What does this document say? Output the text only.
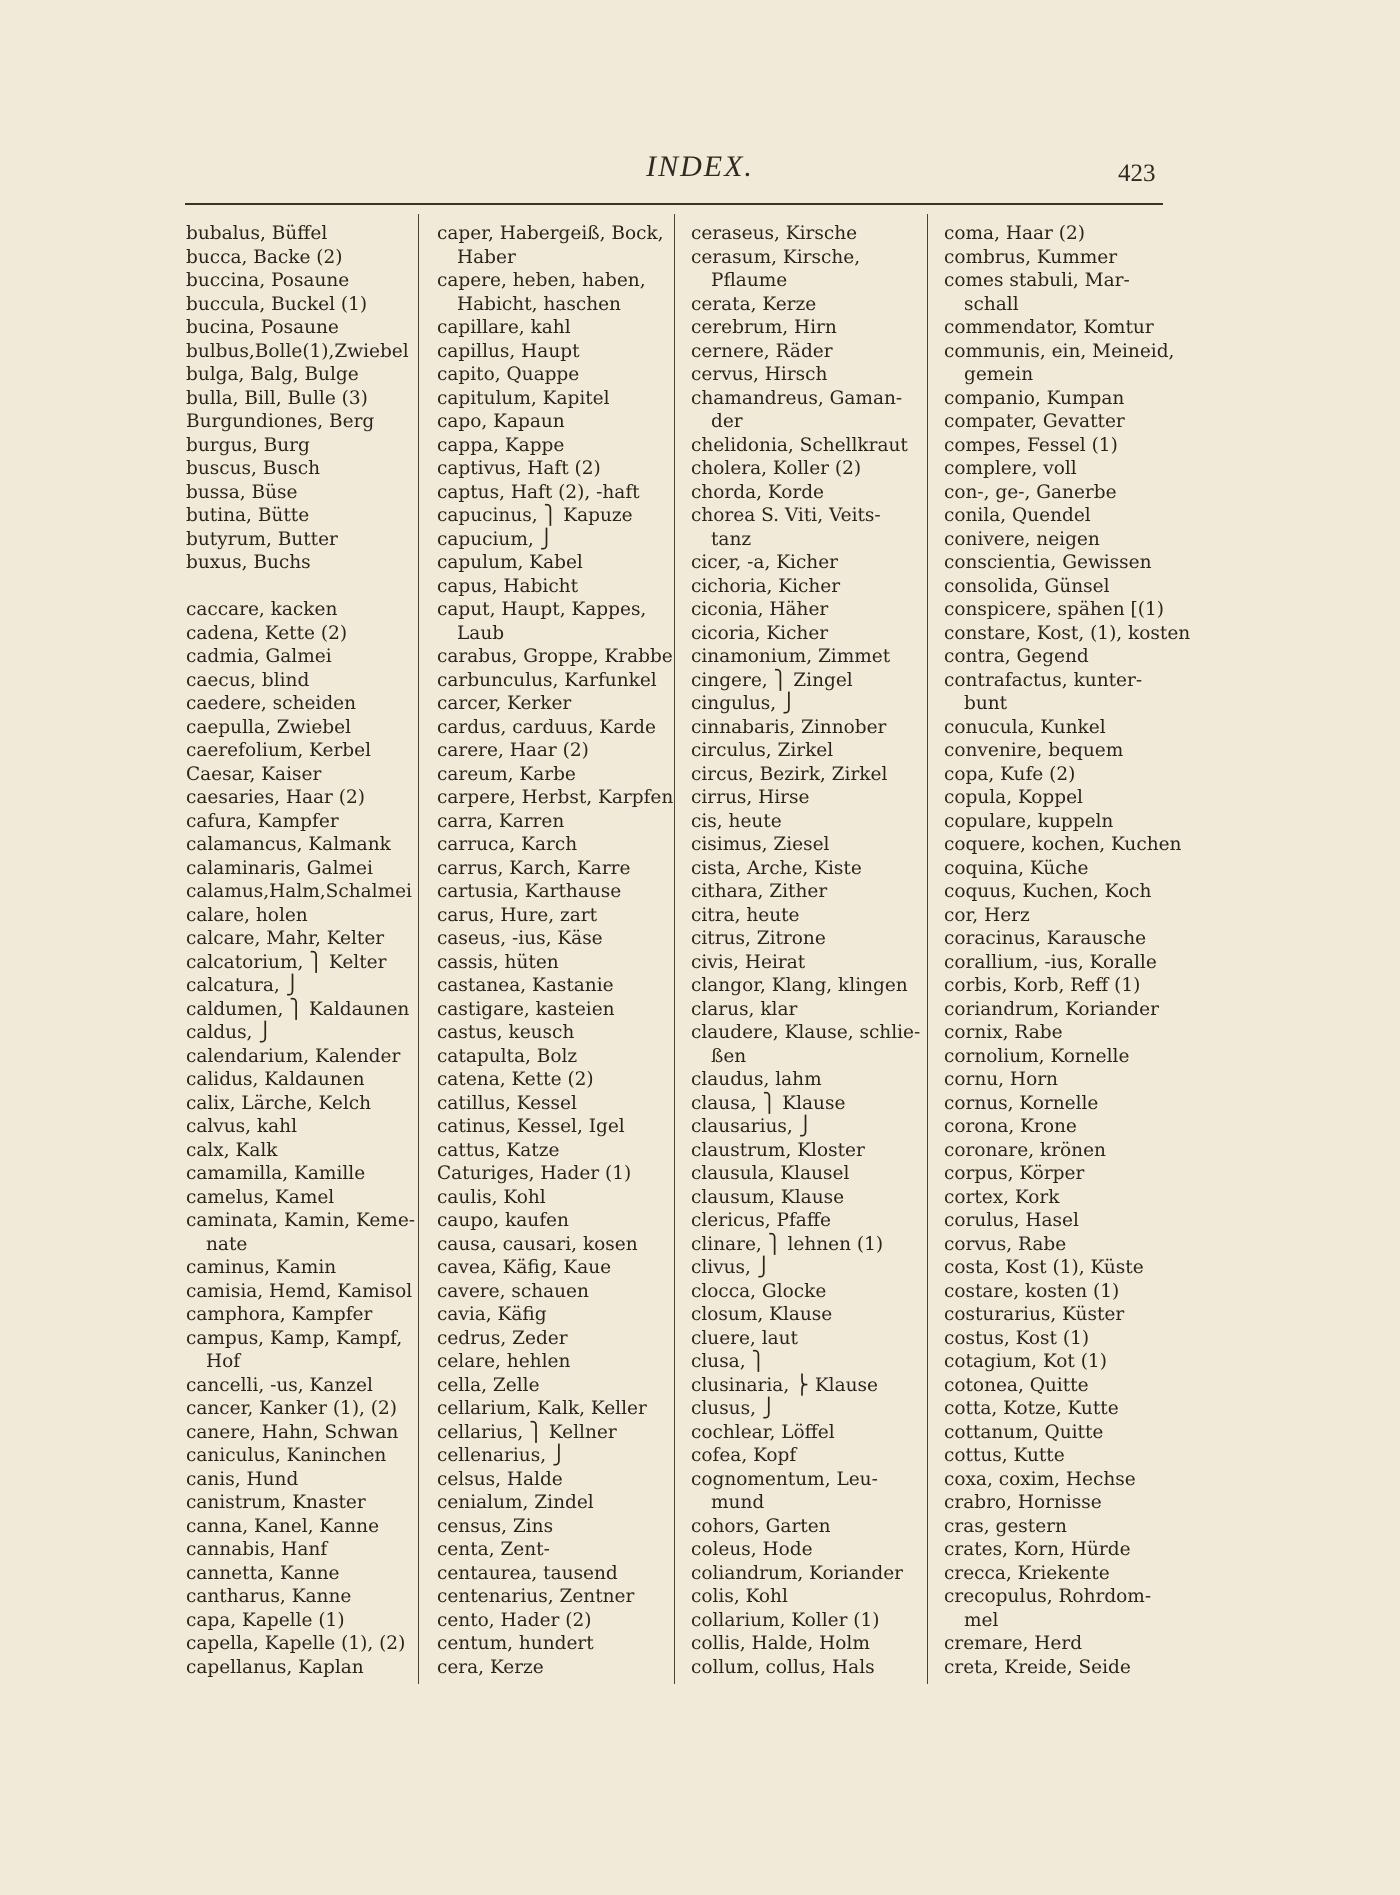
INDEX.	423
bubalus, Büffel
bucca, Backe (2)
buccina, Posaune
buccula, Buckel (1)
bucina, Posaune
bulbus,Bolle(1),Zwiebel
bulga, Balg, Bulge
bulla, Bill, Bulle (3)
Burgundiones, Berg
burgus, Burg
buscus, Busch
bussa, Büse
butina, Bütte
butyrum, Butter
buxus, Buchs
caccare, kacken
cadena, Kette (2)
cadmia, Galmei
caecus, blind
caedere, scheiden
caepulla, Zwiebel
caerefolium, Kerbel
Caesar, Kaiser
caesaries, Haar (2)
cafura, Kampfer
calamancus, Kalmank
calaminaris, Galmei
calamus,Halm,Schalmei
calare, holen
calcare, Mahr, Kelter
calcatorium, ⎫ Kelter
calcatura, ⎭
caldumen, ⎫ Kaldaunen
caldus, ⎭
calendarium, Kalender
calidus, Kaldaunen
calix, Lärche, Kelch
calvus, kahl
calx, Kalk
camamilla, Kamille
camelus, Kamel
caminata, Kamin, Keme-
nate
caminus, Kamin
camisia, Hemd, Kamisol
camphora, Kampfer
campus, Kamp, Kampf,
Hof
cancelli, -us, Kanzel
cancer, Kanker (1), (2)
canere, Hahn, Schwan
caniculus, Kaninchen
canis, Hund
canistrum, Knaster
canna, Kanel, Kanne
cannabis, Hanf
cannetta, Kanne
cantharus, Kanne
capa, Kapelle (1)
capella, Kapelle (1), (2)
capellanus, Kaplan
caper, Habergeiß, Bock,
Haber
capere, heben, haben,
Habicht, haschen
capillare, kahl
capillus, Haupt
capito, Quappe
capitulum, Kapitel
capo, Kapaun
cappa, Kappe
captivus, Haft (2)
captus, Haft (2), -haft
capucinus, ⎫ Kapuze
capucium, ⎭
capulum, Kabel
capus, Habicht
caput, Haupt, Kappes,
Laub
carabus, Groppe, Krabbe
carbunculus, Karfunkel
carcer, Kerker
cardus, carduus, Karde
carere, Haar (2)
careum, Karbe
carpere, Herbst, Karpfen
carra, Karren
carruca, Karch
carrus, Karch, Karre
cartusia, Karthause
carus, Hure, zart
caseus, -ius, Käse
cassis, hüten
castanea, Kastanie
castigare, kasteien
castus, keusch
catapulta, Bolz
catena, Kette (2)
catillus, Kessel
catinus, Kessel, Igel
cattus, Katze
Caturiges, Hader (1)
caulis, Kohl
caupo, kaufen
causa, causari, kosen
cavea, Käfig, Kaue
cavere, schauen
cavia, Käfig
cedrus, Zeder
celare, hehlen
cella, Zelle
cellarium, Kalk, Keller
cellarius, ⎫ Kellner
cellenarius, ⎭
celsus, Halde
cenialum, Zindel
census, Zins
centa, Zent-
centaurea, tausend
centenarius, Zentner
cento, Hader (2)
centum, hundert
cera, Kerze
ceraseus, Kirsche
cerasum, Kirsche,
Pflaume
cerata, Kerze
cerebrum, Hirn
cernere, Räder
cervus, Hirsch
chamandreus, Gaman-
der
chelidonia, Schellkraut
cholera, Koller (2)
chorda, Korde
chorea S. Viti, Veits-
tanz
cicer, -a, Kicher
cichoria, Kicher
ciconia, Häher
cicoria, Kicher
cinamonium, Zimmet
cingere, ⎫ Zingel
cingulus, ⎭
cinnabaris, Zinnober
circulus, Zirkel
circus, Bezirk, Zirkel
cirrus, Hirse
cis, heute
cisimus, Ziesel
cista, Arche, Kiste
cithara, Zither
citra, heute
citrus, Zitrone
civis, Heirat
clangor, Klang, klingen
clarus, klar
claudere, Klause, schlie-
ßen
claudus, lahm
clausa, ⎫ Klause
clausarius, ⎭
claustrum, Kloster
clausula, Klausel
clausum, Klause
clericus, Pfaffe
clinare, ⎫ lehnen (1)
clivus, ⎭
clocca, Glocke
closum, Klause
cluere, laut
clusa, ⎫
clusinaria, ⎬ Klause
clusus, ⎭
cochlear, Löffel
cofea, Kopf
cognomentum, Leu-
mund
cohors, Garten
coleus, Hode
coliandrum, Koriander
colis, Kohl
collarium, Koller (1)
collis, Halde, Holm
collum, collus, Hals
coma, Haar (2)
combrus, Kummer
comes stabuli, Mar-
schall
commendator, Komtur
communis, ein, Meineid,
gemein
companio, Kumpan
compater, Gevatter
compes, Fessel (1)
complere, voll
con-, ge-, Ganerbe
conila, Quendel
conivere, neigen
conscientia, Gewissen
consolida, Günsel
conspicere, spähen [(1)
constare, Kost, (1), kosten
contra, Gegend
contrafactus, kunter-
bunt
conucula, Kunkel
convenire, bequem
copa, Kufe (2)
copula, Koppel
copulare, kuppeln
coquere, kochen, Kuchen
coquina, Küche
coquus, Kuchen, Koch
cor, Herz
coracinus, Karausche
corallium, -ius, Koralle
corbis, Korb, Reff (1)
coriandrum, Koriander
cornix, Rabe
cornolium, Kornelle
cornu, Horn
cornus, Kornelle
corona, Krone
coronare, krönen
corpus, Körper
cortex, Kork
corulus, Hasel
corvus, Rabe
costa, Kost (1), Küste
costare, kosten (1)
costurarius, Küster
costus, Kost (1)
cotagium, Kot (1)
cotonea, Quitte
cotta, Kotze, Kutte
cottanum, Quitte
cottus, Kutte
coxa, coxim, Hechse
crabro, Hornisse
cras, gestern
crates, Korn, Hürde
crecca, Kriekente
crecopulus, Rohrdom-
mel
cremare, Herd
creta, Kreide, Seide
